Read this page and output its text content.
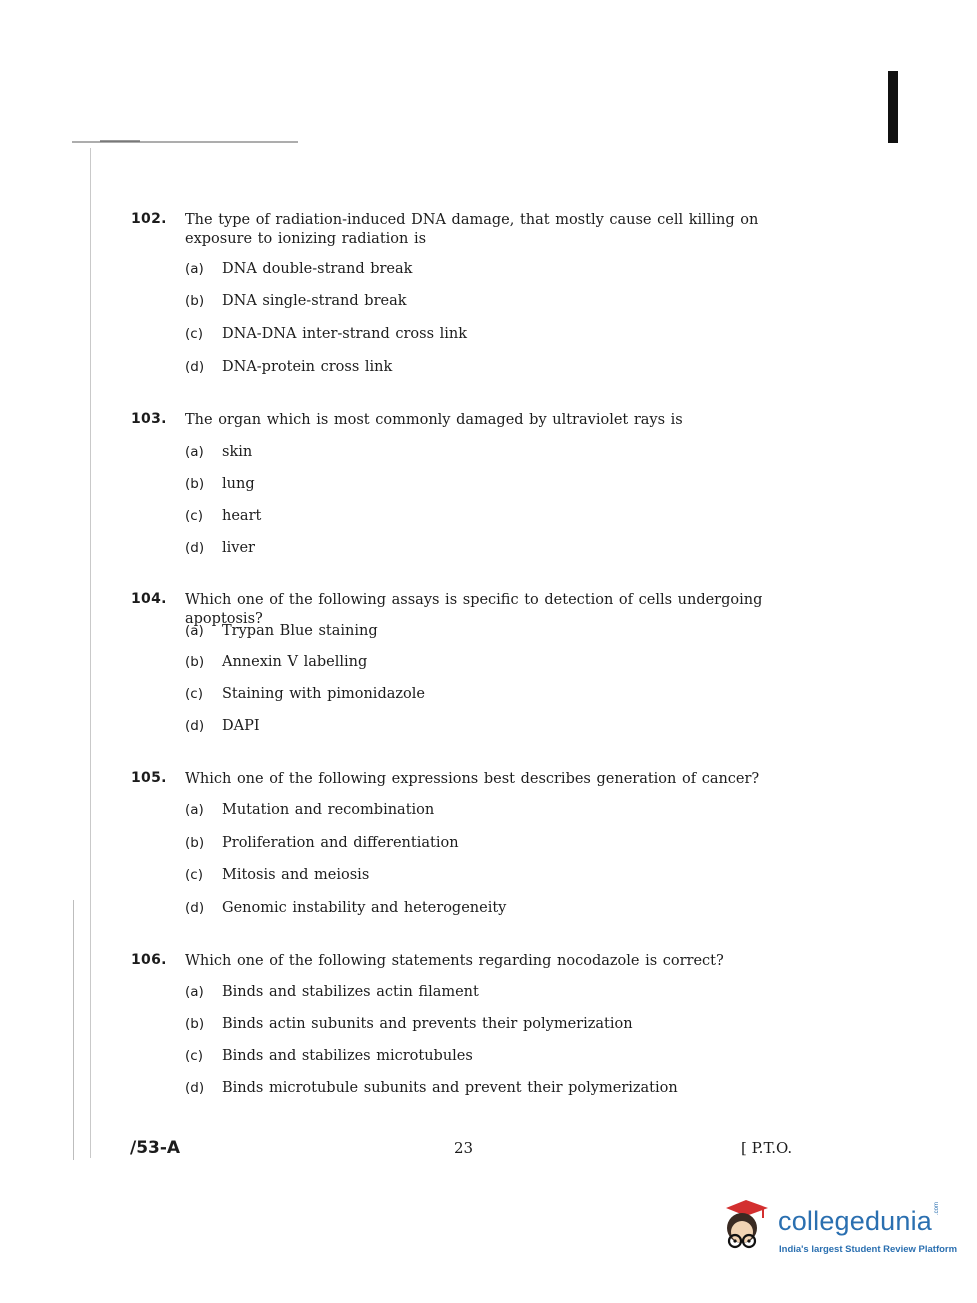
102. The type of radiation-induced DNA damage, that mostly cause cell killing on exposure to ionizing radiation is
(a) DNA double-strand break
(b) DNA single-strand break
(c) DNA-DNA inter-strand cross link
(d) DNA-protein cross link
103. The organ which is most commonly damaged by ultraviolet rays is
(a) skin
(b) lung
(c) heart
(d) liver
104. Which one of the following assays is specific to detection of cells undergoing apoptosis?
(a) Trypan Blue staining
(b) Annexin V labelling
(c) Staining with pimonidazole
(d) DAPI
105. Which one of the following expressions best describes generation of cancer?
(a) Mutation and recombination
(b) Proliferation and differentiation
(c) Mitosis and meiosis
(d) Genomic instability and heterogeneity
106. Which one of the following statements regarding nocodazole is correct?
(a) Binds and stabilizes actin filament
(b) Binds actin subunits and prevents their polymerization
(c) Binds and stabilizes microtubules
(d) Binds microtubule subunits and prevent their polymerization
/53-A	23	[ P.T.O.
collegedunia .com
India's largest Student Review Platform
